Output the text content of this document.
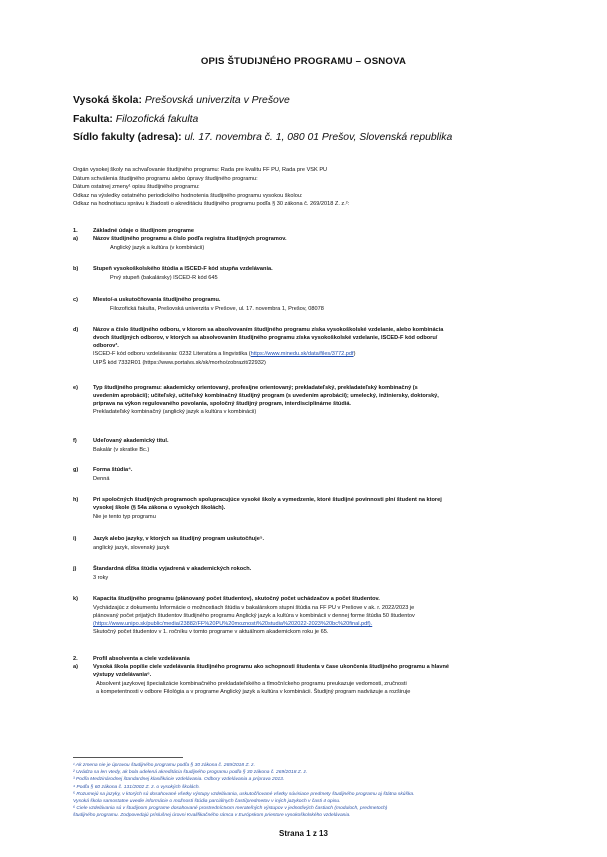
OPIS ŠTUDIJNÉHO PROGRAMU – OSNOVA
Vysoká škola: Prešovská univerzita v Prešove
Fakulta: Filozofická fakulta
Sídlo fakulty (adresa): ul. 17. novembra č. 1, 080 01 Prešov, Slovenská republika
Orgán vysokej školy na schvaľovanie študijného programu: Rada pre kvalitu FF PU, Rada pre VSK PU
Dátum schválenia študijného programu alebo úpravy študijného programu:
Dátum ostatnej zmeny¹ opisu študijného programu:
Odkaz na výsledky ostatného periodického hodnotenia študijného programu vysokou školou:
Odkaz na hodnotiacu správu k žiadosti o akreditáciu študijného programu podľa § 30 zákona č. 269/2018 Z. z.²:
1.	Základné údaje o študijnom programe
a)	Názov študijného programu a číslo podľa registra študijných programov.
Anglický jazyk a kultúra (v kombinácii)
b)	Stupeň vysokoškolského štúdia a ISCED-F kód stupňa vzdelávania.
Prvý stupeň (bakalársky) ISCED-R kód 645
c)	Miesto/-a uskutočňovania študijného programu.
Filozofická fakulta, Prešovská univerzita v Prešove, ul. 17. novembra 1, Prešov, 08078
d)	Názov a číslo študijného odboru, v ktorom sa absolvovaním študijného programu získa vysokoškolské vzdelanie, alebo kombinácia
dvoch študijných odborov, v ktorých sa absolvovaním študijného programu získa vysokoškolské vzdelanie, ISCED-F kód odboru/
odborov³.
ISCED-F kód odboru vzdelávania: 0232 Literatúra a lingvistika (https://www.minedu.sk/data/files/3772.pdf)
UIPŠ kód 7332R01 (https://www.portalvs.sk/sk/morho/zobrazit/22932)
e)	Typ študijného programu: akademicky orientovaný, profesijne orientovaný; prekladateľský, prekladateľský kombinačný (s
uvedením aprobácií); učiteľský, učiteľský kombinačný študijný program (s uvedením aprobácií); umelecký, inžiniersky, doktorský,
príprava na výkon regulovaného povolania, spoločný študijný program, interdisciplinárne štúdiá.
Prekladateľský kombinačný (anglický jazyk a kultúra v kombinácii)
f)	Udeľovaný akademický titul.
Bakalár (v skratke Bc.)
g)	Forma štúdia⁴.
Denná
h)	Pri spoločných študijných programoch spolupracujúce vysoké školy a vymedzenie, ktoré študijné povinnosti plní študent na ktorej
vysokej škole (§ 54a zákona o vysokých školách).
Nie je tento typ programu
i)	Jazyk alebo jazyky, v ktorých sa študijný program uskutočňuje⁵.
anglický jazyk, slovenský jazyk
j)	Štandardná dĺžka štúdia vyjadrená v akademických rokoch.
3 roky
k)	Kapacita študijného programu (plánovaný počet študentov), skutočný počet uchádzačov a počet študentov.
Vychádzajúc z dokumentu Informácie o možnostiach štúdia v bakalárskom stupni štúdia na FF PU v Prešove v ak. r. 2022/2023 je
plánovaný počet prijatých študentov študijného programu Anglický jazyk a kultúra v kombinácii v dennej forme štúdia 50 študentov
(https://www.unipo.sk/public/media/23882/FF%20PU%20moznosti%20studia%202022-2023%20bc%20final.pdf).
Skutočný počet študentov v 1. ročníku v tomto programe v aktuálnom akademickom roku je 65.
2.	Profil absolventa a ciele vzdelávania
a)	Vysoká škola popíše ciele vzdelávania študijného programu ako schopnosti študenta v čase ukončenia študijného programu a hlavné
výstupy vzdelávania⁶.
Absolvent jazykovej špecializácie kombinačného prekladateľského a tlmočníckeho programu preukazuje vedomosti, zručnosti
a kompetentnosti v odbore Filológia a v programe Anglický jazyk a kultúra v kombinácii. Študijný program nadväzuje a rozširuje
¹ Ak zmena nie je úpravou študijného programu podľa § 30 zákona č. 269/2018 Z. z.
² Uvádza sa len vtedy, ak bola udelená akreditácia študijného programu podľa § 30 zákona č. 269/2018 Z. z.
³ Podľa Medzinárodnej štandardnej klasifikácie vzdelávania. Odbory vzdelávania a príprava 2013.
⁴ Podľa § 60 zákona č. 131/2002 Z. z. o vysokých školách.
⁵ Rozumejú sa jazyky, v ktorých sú dosahované všetky výstupy vzdelávania, uskutočňované všetky súvisiace predmety študijného programu aj štátna skúška.
Vysoká škola samostatne uvedie informácie o možnosti štúdia parciálnych častí/predmetov v iných jazykoch v časti 4 opisu.
⁶ Ciele vzdelávania sú v študijnom programe dosahované prostredníctvom merateľných výstupov v jednotlivých častiach (moduloch, predmetoch)
študijného programu. Zodpovedajú príslušnej úrovni Kvalifikačného rámca v Európskom priestore vysokoškolského vzdelávania.
Strana 1 z 13
